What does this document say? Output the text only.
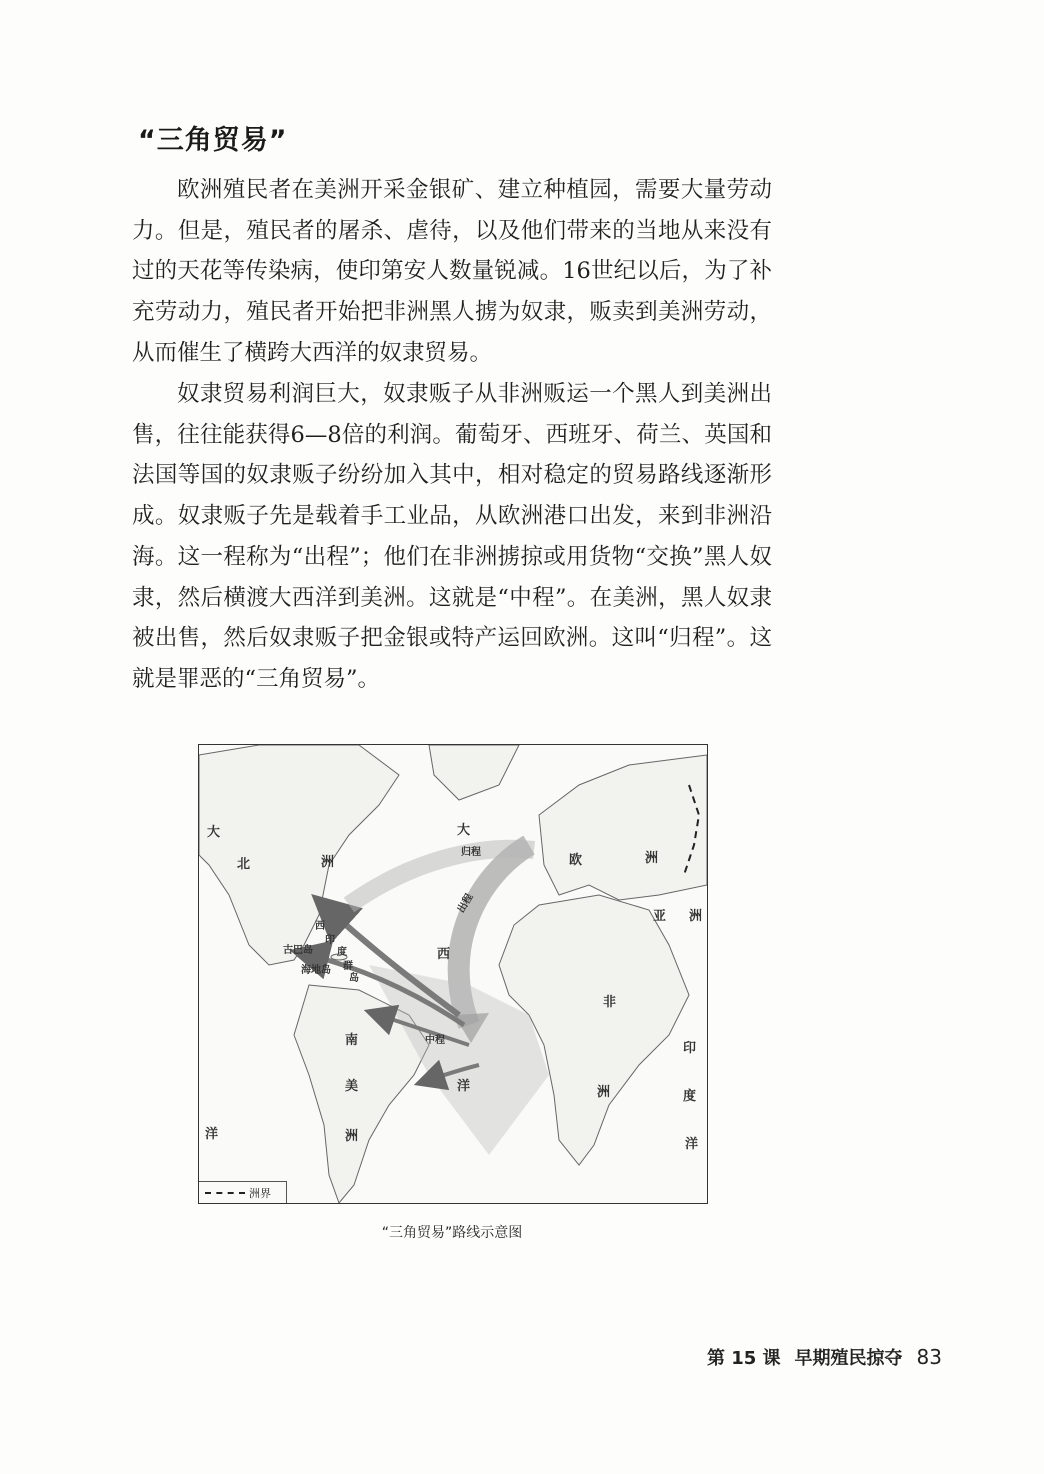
“三角贸易”

欧洲殖民者在美洲开采金银矿、建立种植园，需要大量劳动力。但是，殖民者的屠杀、虐待，以及他们带来的当地从来没有过的天花等传染病，使印第安人数量锐减。16世纪以后，为了补充劳动力，殖民者开始把非洲黑人掳为奴隶，贩卖到美洲劳动，从而催生了横跨大西洋的奴隶贸易。

奴隶贸易利润巨大，奴隶贩子从非洲贩运一个黑人到美洲出售，往往能获得6—8倍的利润。葡萄牙、西班牙、荷兰、英国和法国等国的奴隶贩子纷纷加入其中，相对稳定的贸易路线逐渐形成。奴隶贩子先是载着手工业品，从欧洲港口出发，来到非洲沿海。这一程称为“出程”；他们在非洲掳掠或用货物“交换”黑人奴隶，然后横渡大西洋到美洲。这就是“中程”。在美洲，黑人奴隶被出售，然后奴隶贩子把金银或特产运回欧洲。这叫“归程”。这就是罪恶的“三角贸易”。

大
北	洲
大
归程
欧	洲
出程
亚 洲
西
印
度
群
岛
古巴岛
海地岛
西
非
南	中程
印
美	洲	度
洋
洲
洋
洋
洲界
“三角贸易”路线示意图
第 15 课 早期殖民掠夺 83
